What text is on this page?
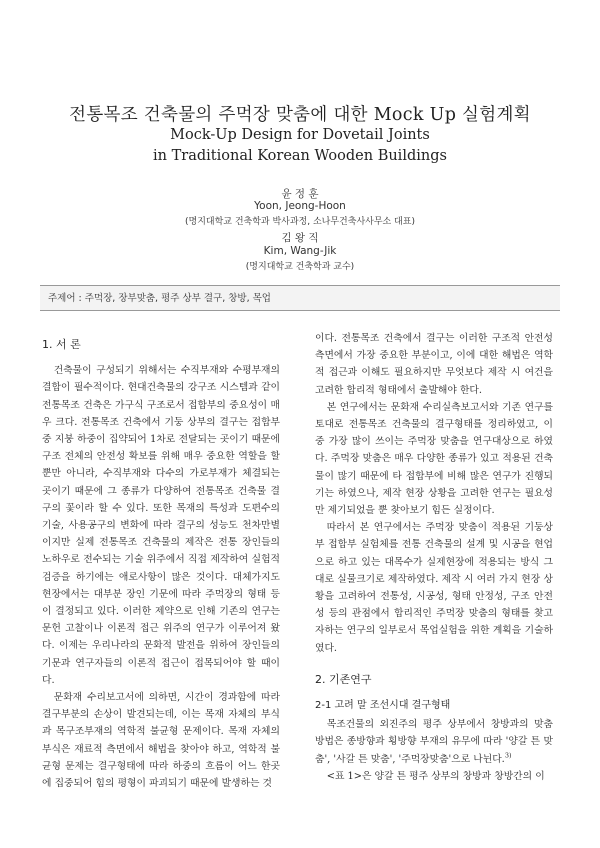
전통목조 건축물의 주먹장 맞춤에 대한 Mock Up 실험계획
Mock-Up Design for Dovetail Joints
in Traditional Korean Wooden Buildings
윤 정 훈
Yoon, Jeong-Hoon
(명지대학교 건축학과 박사과정, 소나무건축사사무소 대표)
김 왕 직
Kim, Wang-Jik
(명지대학교 건축학과 교수)
주제어 : 주먹장, 장부맞춤, 평주 상부 결구, 창방, 목업
1. 서 론

건축물이 구성되기 위해서는 수직부재와 수평부재의 결합이 필수적이다. 현대건축물의 강구조 시스템과 같이 전통목조 건축은 가구식 구조로서 접합부의 중요성이 매우 크다. 전통목조 건축에서 기둥 상부의 결구는 접합부 중 지붕 하중이 집약되어 1차로 전달되는 곳이기 때문에 구조 전체의 안전성 확보를 위해 매우 중요한 역할을 할 뿐만 아니라, 수직부재와 다수의 가로부재가 체결되는 곳이기 때문에 그 종류가 다양하여 전통목조 건축물 결구의 꽃이라 할 수 있다. 또한 목재의 특성과 도편수의 기술, 사용공구의 변화에 따라 결구의 성능도 천차만별이지만 실제 전통목조 건축물의 제작은 전통 장인들의 노하우로 전수되는 기술 위주에서 직접 제작하여 실험적 검증을 하기에는 애로사항이 많은 것이다. 대체가지도 현장에서는 대부분 장인 기문에 따라 주먹장의 형태 등이 결정되고 있다. 이러한 제약으로 인해 기존의 연구는 문헌 고찰이나 이론적 접근 위주의 연구가 이루어져 왔다. 이제는 우리나라의 문화적 발전을 위하여 장인들의 기문과 연구자들의 이론적 접근이 접목되어야 할 때이다.

문화재 수리보고서에 의하면, 시간이 경과함에 따라 결구부분의 손상이 발견되는데, 이는 목재 자체의 부식과 목구조부재의 역학적 불균형 문제이다. 목재 자체의 부식은 재료적 측면에서 해법을 찾아야 하고, 역학적 불균형 문제는 결구형태에 따라 하중의 흐름이 어느 한곳에 집중되어 힘의 평형이 파괴되기 때문에 발생하는 것

이다. 전통목조 건축에서 결구는 이러한 구조적 안전성 측면에서 가장 중요한 부분이고, 이에 대한 해법은 역학적 접근과 이해도 필요하지만 무엇보다 제작 시 여건을 고려한 합리적 형태에서 출발해야 한다.

본 연구에서는 문화재 수리실측보고서와 기존 연구를 토대로 전통목조 건축물의 결구형태를 정리하였고, 이 중 가장 많이 쓰이는 주먹장 맞춤을 연구대상으로 하였다. 주먹장 맞춤은 매우 다양한 종류가 있고 적용된 건축물이 많기 때문에 타 접합부에 비해 많은 연구가 진행되기는 하였으나, 제작 현장 상황을 고려한 연구는 필요성만 제기되었을 뿐 찾아보기 힘든 실정이다.

따라서 본 연구에서는 주먹장 맞춤이 적용된 기둥상부 접합부 실험체를 전통 건축물의 설계 및 시공을 현업으로 하고 있는 대목수가 실제현장에 적용되는 방식 그대로 실물크기로 제작하였다. 제작 시 여러 가지 현장 상황을 고려하여 전통성, 시공성, 형태 안정성, 구조 안전성 등의 관점에서 합리적인 주먹장 맞춤의 형태를 찾고자하는 연구의 일부로서 목업실험을 위한 계획을 기술하였다.

2. 기존연구
2-1 고려 말 조선시대 결구형태

목조건물의 외진주의 평주 상부에서 창방과의 맞춤 방법은 종방향과 횡방향 부재의 유무에 따라 '양갈 튼 맞춤', '사갈 튼 맞춤', '주먹장맞춤'으로 나뉜다.$^{3)}$

<표 1>은 양갈 튼 평주 상부의 창방과 창방간의 이
